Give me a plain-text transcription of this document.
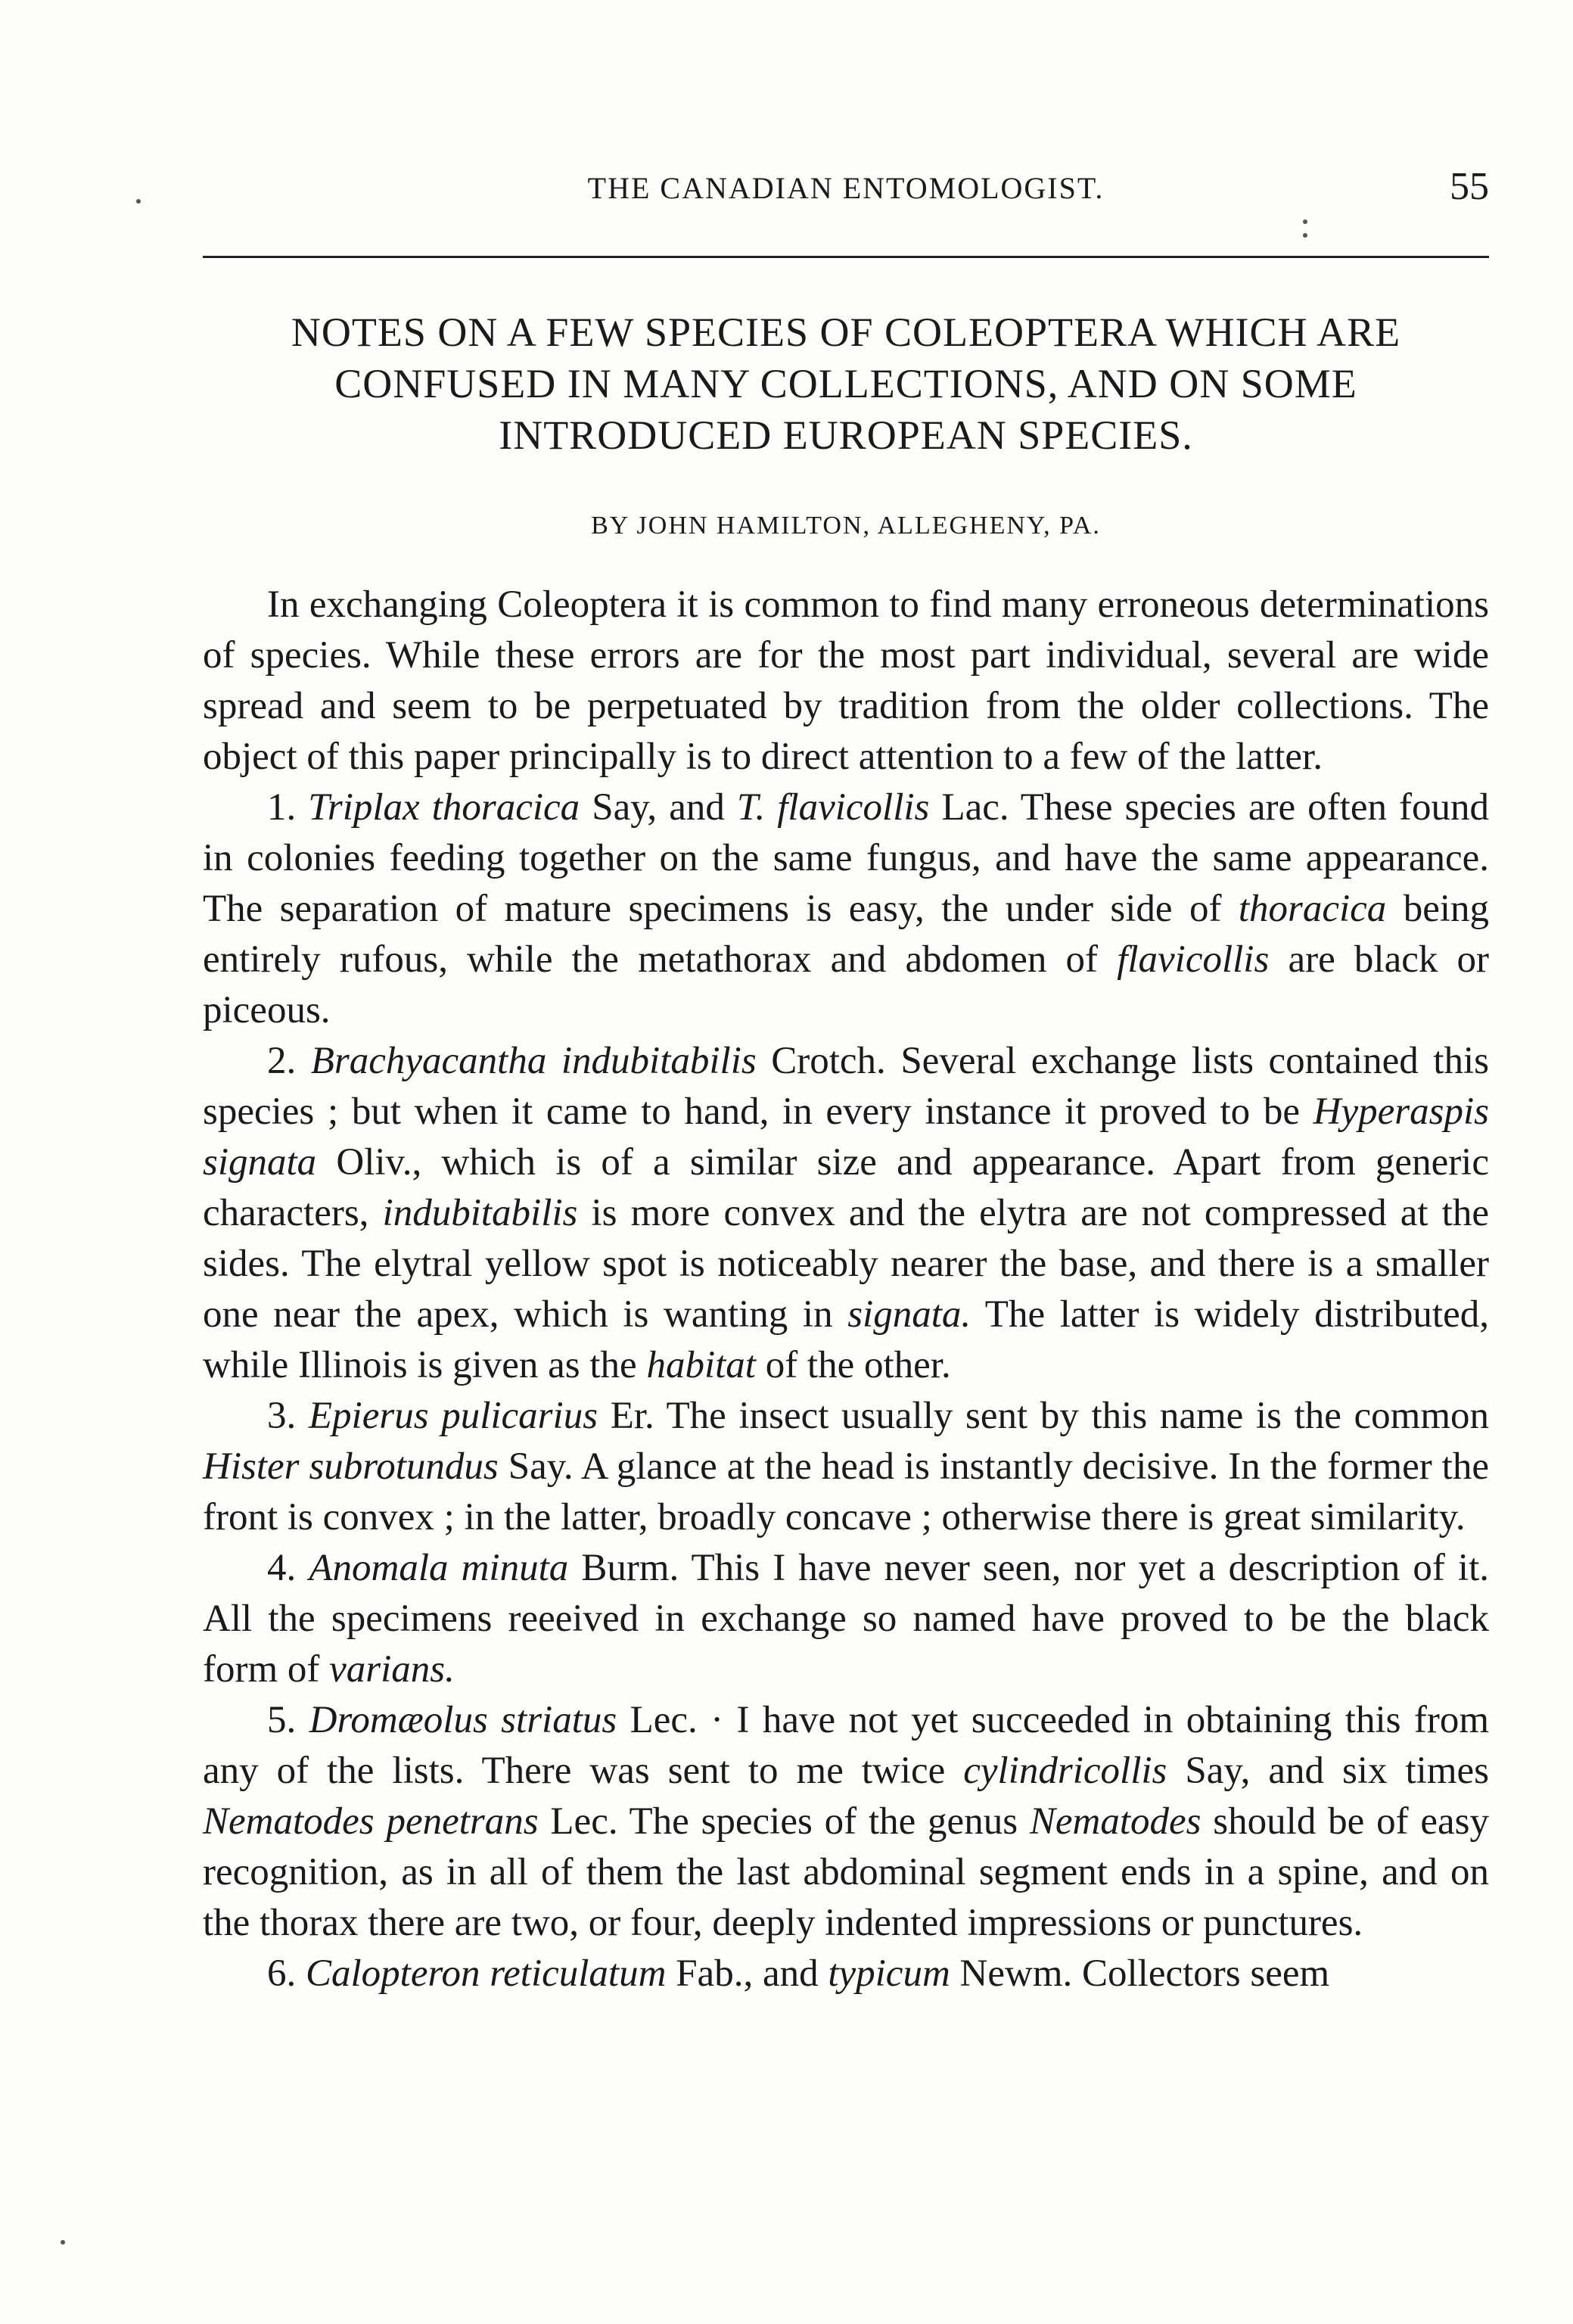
THE CANADIAN ENTOMOLOGIST.	55
NOTES ON A FEW SPECIES OF COLEOPTERA WHICH ARE
CONFUSED IN MANY COLLECTIONS, AND ON SOME
INTRODUCED EUROPEAN SPECIES.
BY JOHN HAMILTON, ALLEGHENY, PA.

In exchanging Coleoptera it is common to find many erroneous determinations of species. While these errors are for the most part individual, several are wide spread and seem to be perpetuated by tradition from the older collections. The object of this paper principally is to direct attention to a few of the latter.

1. Triplax thoracica Say, and T. flavicollis Lac. These species are often found in colonies feeding together on the same fungus, and have the same appearance. The separation of mature specimens is easy, the under side of thoracica being entirely rufous, while the metathorax and abdomen of flavicollis are black or piceous.

2. Brachyacantha indubitabilis Crotch. Several exchange lists contained this species ; but when it came to hand, in every instance it proved to be Hyperaspis signata Oliv., which is of a similar size and appearance. Apart from generic characters, indubitabilis is more convex and the elytra are not compressed at the sides. The elytral yellow spot is noticeably nearer the base, and there is a smaller one near the apex, which is wanting in signata. The latter is widely distributed, while Illinois is given as the habitat of the other.

3. Epierus pulicarius Er. The insect usually sent by this name is the common Hister subrotundus Say. A glance at the head is instantly decisive. In the former the front is convex ; in the latter, broadly concave ; otherwise there is great similarity.

4. Anomala minuta Burm. This I have never seen, nor yet a description of it. All the specimens reeeived in exchange so named have proved to be the black form of varians.

5. Dromæolus striatus Lec. · I have not yet succeeded in obtaining this from any of the lists. There was sent to me twice cylindricollis Say, and six times Nematodes penetrans Lec. The species of the genus Nematodes should be of easy recognition, as in all of them the last abdominal segment ends in a spine, and on the thorax there are two, or four, deeply indented impressions or punctures.

6. Calopteron reticulatum Fab., and typicum Newm. Collectors seem
